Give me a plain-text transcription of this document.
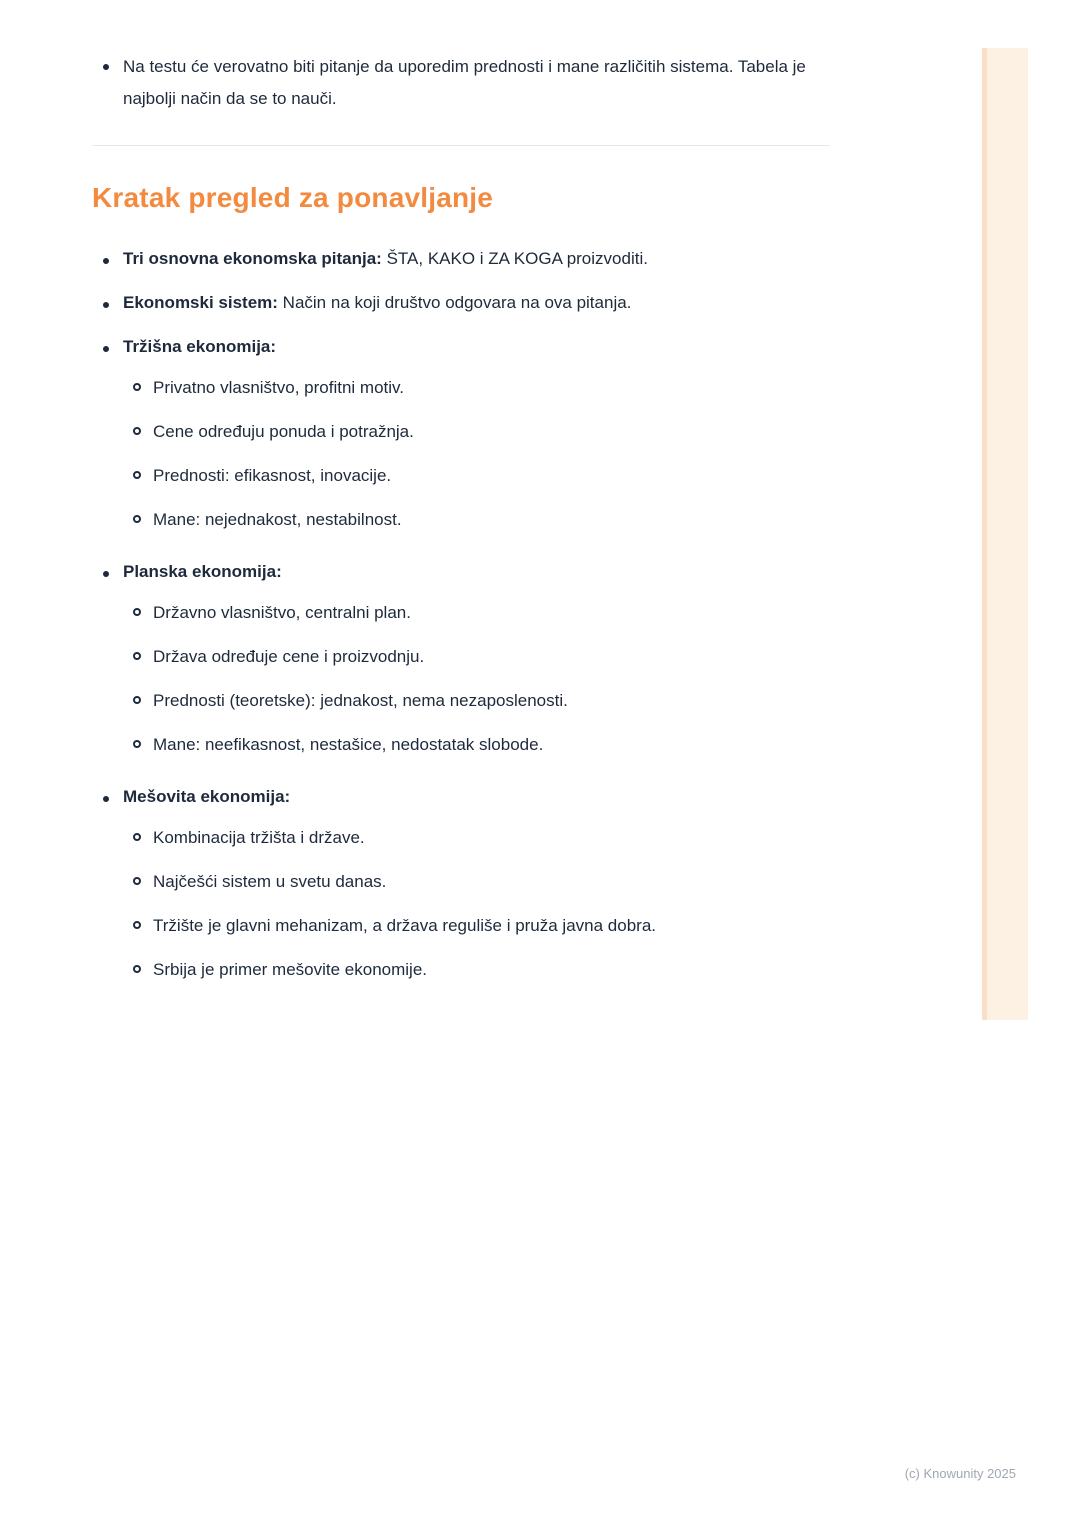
Na testu će verovatno biti pitanje da uporedim prednosti i mane različitih sistema. Tabela je najbolji način da se to nauči.
Kratak pregled za ponavljanje
Tri osnovna ekonomska pitanja: ŠTA, KAKO i ZA KOGA proizvoditi.
Ekonomski sistem: Način na koji društvo odgovara na ova pitanja.
Tržišna ekonomija:
Privatno vlasništvo, profitni motiv.
Cene određuju ponuda i potražnja.
Prednosti: efikasnost, inovacije.
Mane: nejednakost, nestabilnost.
Planska ekonomija:
Državno vlasništvo, centralni plan.
Država određuje cene i proizvodnju.
Prednosti (teoretske): jednakost, nema nezaposlenosti.
Mane: neefikasnost, nestašice, nedostatak slobode.
Mešovita ekonomija:
Kombinacija tržišta i države.
Najčešći sistem u svetu danas.
Tržište je glavni mehanizam, a država reguliše i pruža javna dobra.
Srbija je primer mešovite ekonomije.
(c) Knowunity 2025
